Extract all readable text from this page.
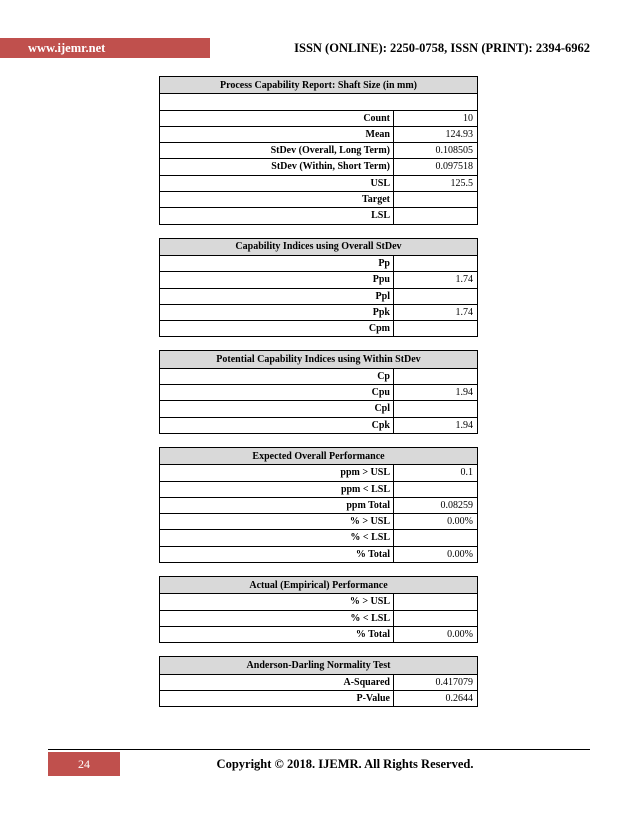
www.ijemr.net	ISSN (ONLINE): 2250-0758, ISSN (PRINT): 2394-6962
Process Capability Report: Shaft Size (in mm)
Count	10
Mean	124.93
StDev (Overall, Long Term)	0.108505
StDev (Within, Short Term)	0.097518
USL	125.5
Target
LSL
Capability Indices using Overall StDev
Pp
Ppu	1.74
Ppl
Ppk	1.74
Cpm
Potential Capability Indices using Within StDev
Cp
Cpu	1.94
Cpl
Cpk	1.94
Expected Overall Performance
ppm > USL	0.1
ppm < LSL
ppm Total	0.08259
% > USL	0.00%
% < LSL
% Total	0.00%
Actual (Empirical) Performance
% > USL
% < LSL
% Total	0.00%
Anderson-Darling Normality Test
A-Squared	0.417079
P-Value	0.2644
24	Copyright © 2018. IJEMR. All Rights Reserved.
